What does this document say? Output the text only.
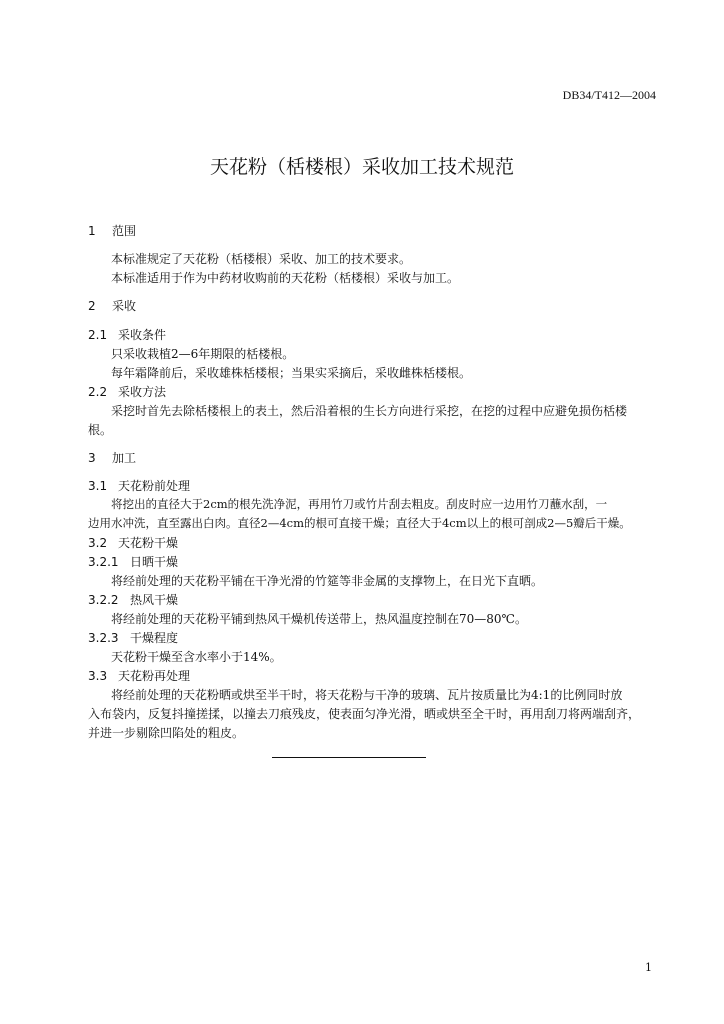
DB34/T412—2004
天花粉（栝楼根）采收加工技术规范
1 范围
本标准规定了天花粉（栝楼根）采收、加工的技术要求。
本标准适用于作为中药材收购前的天花粉（栝楼根）采收与加工。
2 采收
2.1 采收条件
只采收栽植2—6年期限的栝楼根。
每年霜降前后，采收雄株栝楼根；当果实采摘后，采收雌株栝楼根。
2.2 采收方法
采挖时首先去除栝楼根上的表土，然后沿着根的生长方向进行采挖，在挖的过程中应避免损伤栝楼
根。
3 加工
3.1 天花粉前处理
将挖出的直径大于2cm的根先洗净泥，再用竹刀或竹片刮去粗皮。刮皮时应一边用竹刀蘸水刮，一
边用水冲洗，直至露出白肉。直径2—4cm的根可直接干燥；直径大于4cm以上的根可剖成2—5瓣后干燥。
3.2 天花粉干燥
3.2.1 日晒干燥
将经前处理的天花粉平铺在干净光滑的竹筵等非金属的支撑物上，在日光下直晒。
3.2.2 热风干燥
将经前处理的天花粉平铺到热风干燥机传送带上，热风温度控制在70—80℃。
3.2.3 干燥程度
天花粉干燥至含水率小于14%。
3.3 天花粉再处理
将经前处理的天花粉晒或烘至半干时，将天花粉与干净的玻璃、瓦片按质量比为4:1的比例同时放
入布袋内，反复抖撞搓揉，以撞去刀痕残皮，使表面匀净光滑，晒或烘至全干时，再用刮刀将两端刮齐，
并进一步剔除凹陷处的粗皮。
1
